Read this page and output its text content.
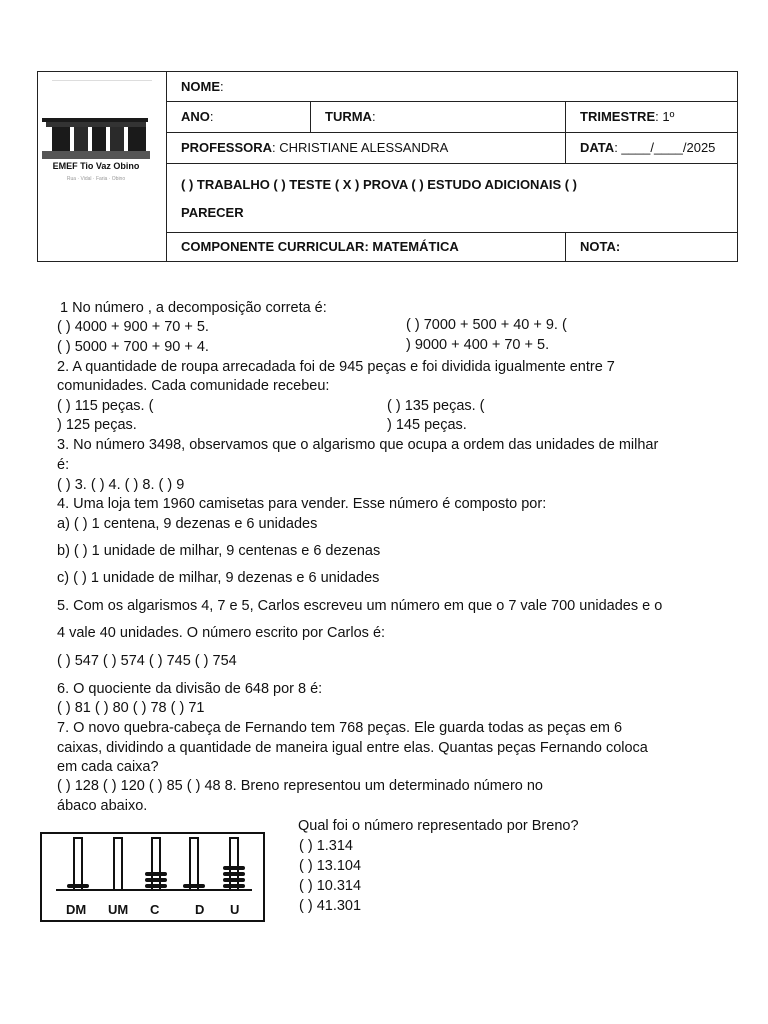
EMEF Tio Vaz Obino
Rua · Vidal · Faria · Obino
NOME :
ANO :	TURMA :	TRIMESTRE : 1º
PROFESSORA : CHRISTIANE ALESSANDRA	DATA : ____/____/2025
( ) TRABALHO ( ) TESTE ( X ) PROVA ( ) ESTUDO ADICIONAIS ( )
PARECER
COMPONENTE CURRICULAR: MATEMÁTICA	NOTA:
1 No número , a decomposição correta é:
( ) 4000 + 900 + 70 + 5.
( ) 5000 + 700 + 90 + 4.
( ) 7000 + 500 + 40 + 9. (
) 9000 + 400 + 70 + 5.
2. A quantidade de roupa arrecadada foi de 945 peças e foi dividida igualmente entre 7
comunidades. Cada comunidade recebeu:
( ) 115 peças. (
) 125 peças.
( ) 135 peças. (
) 145 peças.
3. No número 3498, observamos que o algarismo que ocupa a ordem das unidades de milhar
é:
( ) 3. ( ) 4. ( ) 8. ( ) 9
4. Uma loja tem 1960 camisetas para vender. Esse número é composto por:
a) ( ) 1 centena, 9 dezenas e 6 unidades
b) ( ) 1 unidade de milhar, 9 centenas e 6 dezenas
c) ( ) 1 unidade de milhar, 9 dezenas e 6 unidades
5. Com os algarismos 4, 7 e 5, Carlos escreveu um número em que o 7 vale 700 unidades e o
4 vale 40 unidades. O número escrito por Carlos é:
( ) 547 ( ) 574 ( ) 745 ( ) 754
6. O quociente da divisão de 648 por 8 é:
( ) 81 ( ) 80 ( ) 78 ( ) 71
7. O novo quebra-cabeça de Fernando tem 768 peças. Ele guarda todas as peças em 6
caixas, dividindo a quantidade de maneira igual entre elas. Quantas peças Fernando coloca
em cada caixa?
( ) 128 ( ) 120 ( ) 85 ( ) 48 8. Breno representou um determinado número no
ábaco abaixo.
Qual foi o número representado por Breno?
( ) 1.314
( ) 13.104
( ) 10.314
( ) 41.301
DM UM C	D U
